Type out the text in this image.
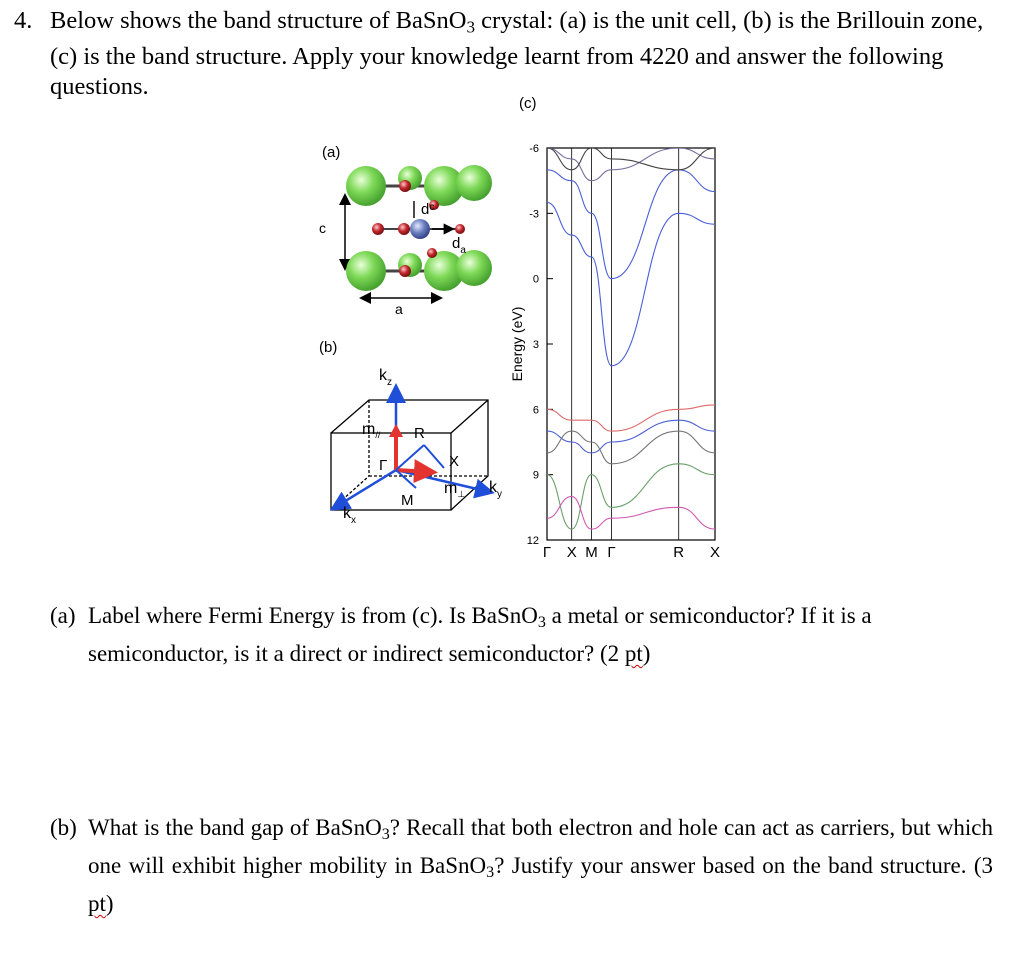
4. Below shows the band structure of BaSnO$_3$ crystal: (a) is the unit cell, (b) is the Brillouin zone, (c) is the band structure. Apply your knowledge learnt from 4220 and answer the following questions.
(a)
(b)
(c)
c
a
$d^c$
$d_a$
$k_z$
$k_y$
$k_x$
$m_{//}$
$m_\perp$
Γ
R
X
M
12
9
6
3
0
-3
-6
Γ X M Γ	R X
Energy (eV)
(a) Label where Fermi Energy is from (c). Is BaSnO$_3$ a metal or semiconductor? If it is a semiconductor, is it a direct or indirect semiconductor? (2 pt)
(b) What is the band gap of BaSnO$_3$? Recall that both electron and hole can act as carriers, but which one will exhibit higher mobility in BaSnO$_3$? Justify your answer based on the band structure. (3 pt)
